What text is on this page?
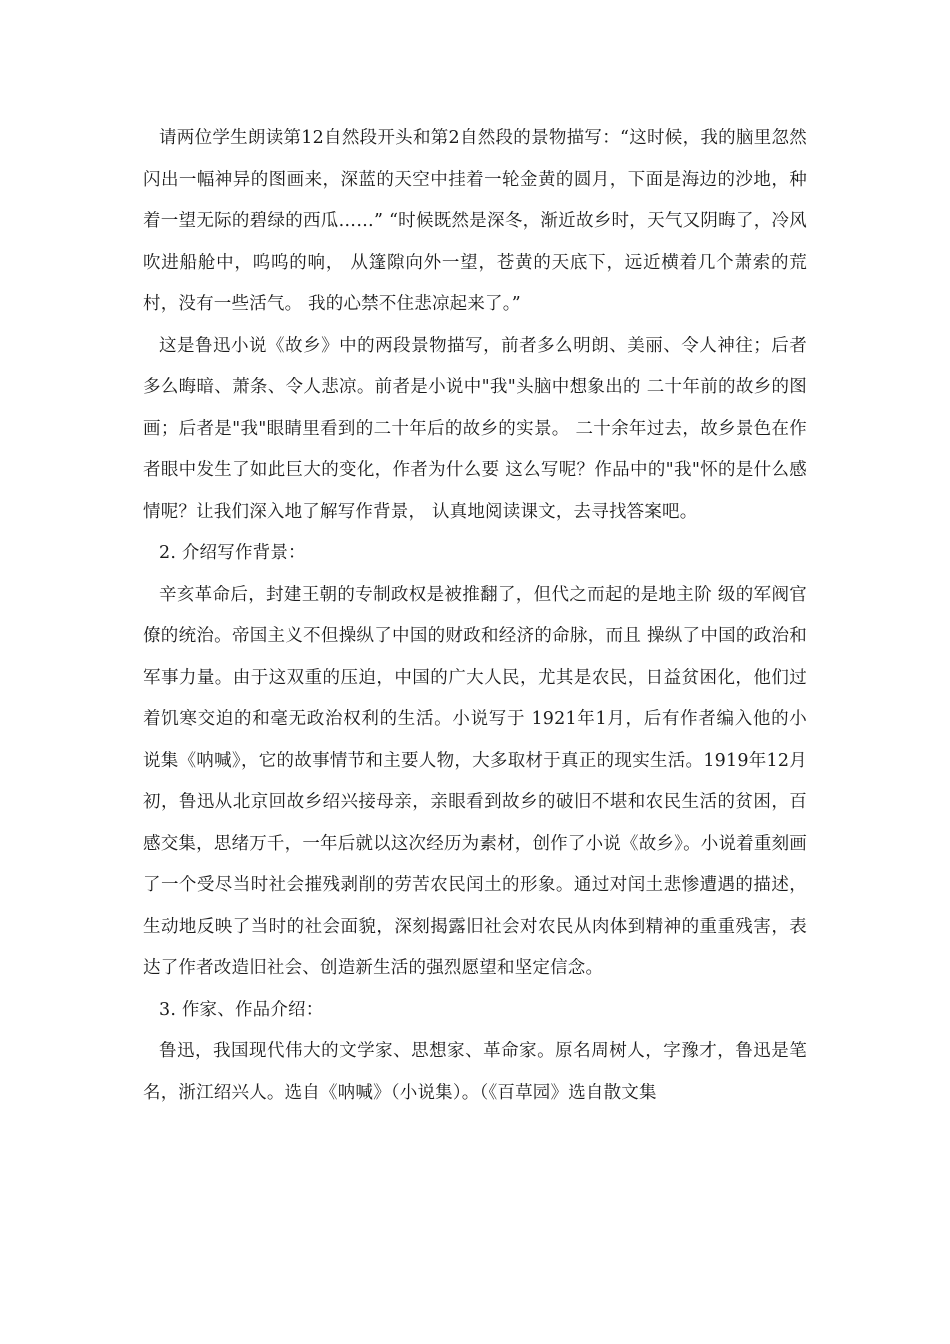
请两位学生朗读第12自然段开头和第2自然段的景物描写：“这时候，我的脑里忽然闪出一幅神异的图画来，深蓝的天空中挂着一轮金黄的圆月，下面是海边的沙地，种着一望无际的碧绿的西瓜……” “时候既然是深冬，渐近故乡时，天气又阴晦了，冷风吹进船舱中，呜呜的响， 从篷隙向外一望，苍黄的天底下，远近横着几个萧索的荒村，没有一些活气。 我的心禁不住悲凉起来了。”

这是鲁迅小说《故乡》中的两段景物描写，前者多么明朗、美丽、令人神往；后者多么晦暗、萧条、令人悲凉。前者是小说中"我"头脑中想象出的 二十年前的故乡的图画；后者是"我"眼睛里看到的二十年后的故乡的实景。 二十余年过去，故乡景色在作者眼中发生了如此巨大的变化，作者为什么要 这么写呢？作品中的"我"怀的是什么感情呢？让我们深入地了解写作背景， 认真地阅读课文，去寻找答案吧。

2. 介绍写作背景：

辛亥革命后，封建王朝的专制政权是被推翻了，但代之而起的是地主阶 级的军阀官僚的统治。帝国主义不但操纵了中国的财政和经济的命脉，而且 操纵了中国的政治和军事力量。由于这双重的压迫，中国的广大人民，尤其是农民，日益贫困化，他们过着饥寒交迫的和毫无政治权利的生活。小说写于 1921年1月，后有作者编入他的小说集《呐喊》，它的故事情节和主要人物，大多取材于真正的现实生活。1919年12月初，鲁迅从北京回故乡绍兴接母亲，亲眼看到故乡的破旧不堪和农民生活的贫困，百感交集，思绪万千，一年后就以这次经历为素材，创作了小说《故乡》。小说着重刻画了一个受尽当时社会摧残剥削的劳苦农民闰土的形象。通过对闰土悲惨遭遇的描述，生动地反映了当时的社会面貌，深刻揭露旧社会对农民从肉体到精神的重重残害，表达了作者改造旧社会、创造新生活的强烈愿望和坚定信念。

3. 作家、作品介绍：

鲁迅，我国现代伟大的文学家、思想家、革命家。原名周树人，字豫才，鲁迅是笔名，浙江绍兴人。选自《呐喊》（小说集）。（《百草园》选自散文集
